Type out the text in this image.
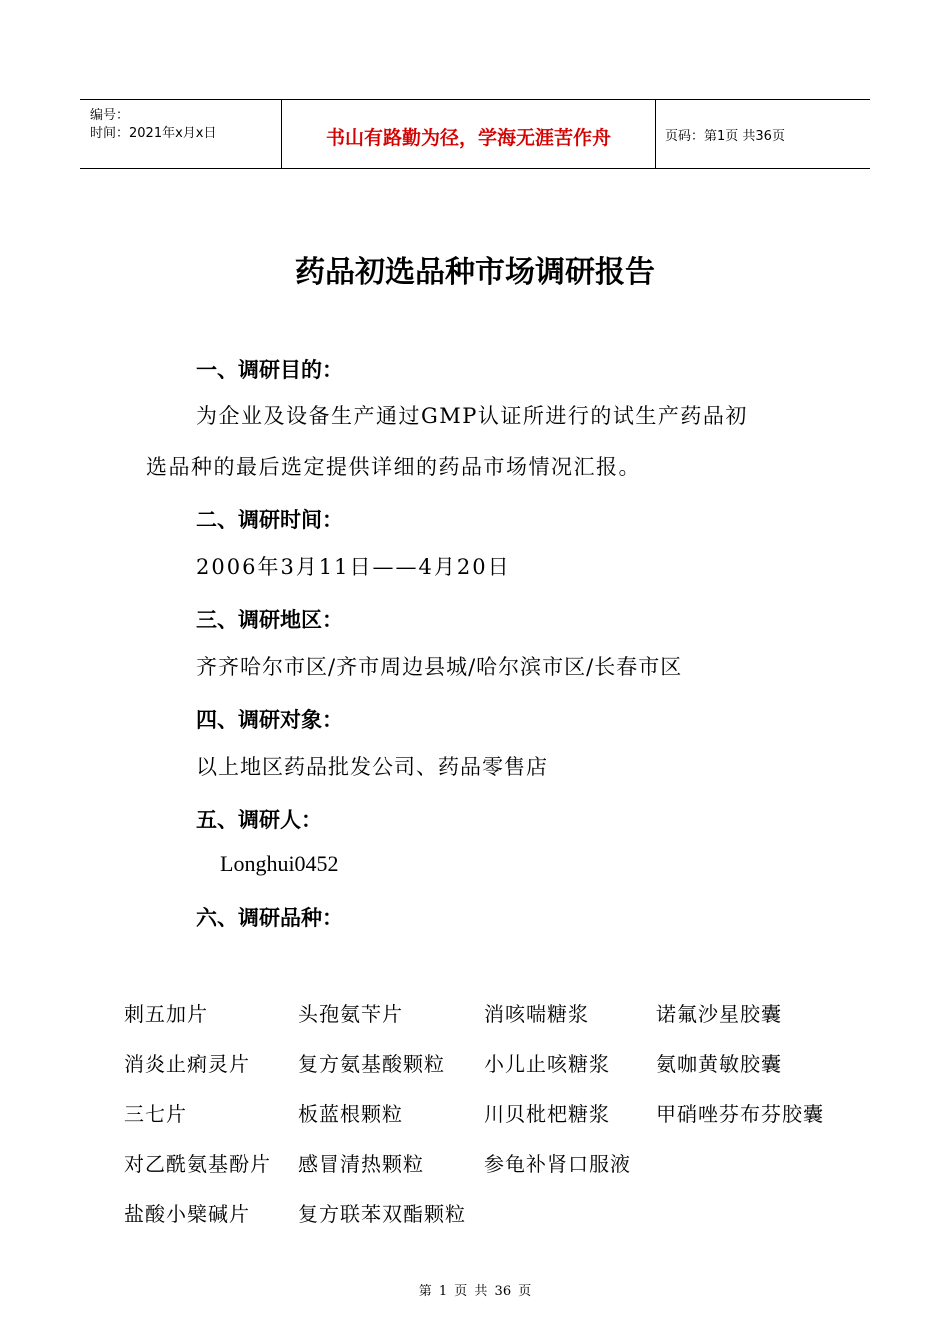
编号：
时间：2021年x月x日	书山有路勤为径，学海无涯苦作舟	页码：第1页 共36页
药品初选品种市场调研报告
一、调研目的：
为企业及设备生产通过GMP认证所进行的试生产药品初
选品种的最后选定提供详细的药品市场情况汇报。
二、调研时间：
2006年3月11日——4月20日
三、调研地区：
齐齐哈尔市区/齐市周边县城/哈尔滨市区/长春市区
四、调研对象：
以上地区药品批发公司、药品零售店
五、调研人：
Longhui0452
六、调研品种：
刺五加片	头孢氨苄片	消咳喘糖浆	诺氟沙星胶囊
消炎止痢灵片 复方氨基酸颗粒 小儿止咳糖浆 氨咖黄敏胶囊
三七片	板蓝根颗粒	川贝枇杷糖浆 甲硝唑芬布芬胶囊
对乙酰氨基酚片 感冒清热颗粒	参龟补肾口服液
盐酸小檗碱片 复方联苯双酯颗粒
第 1 页 共 36 页
